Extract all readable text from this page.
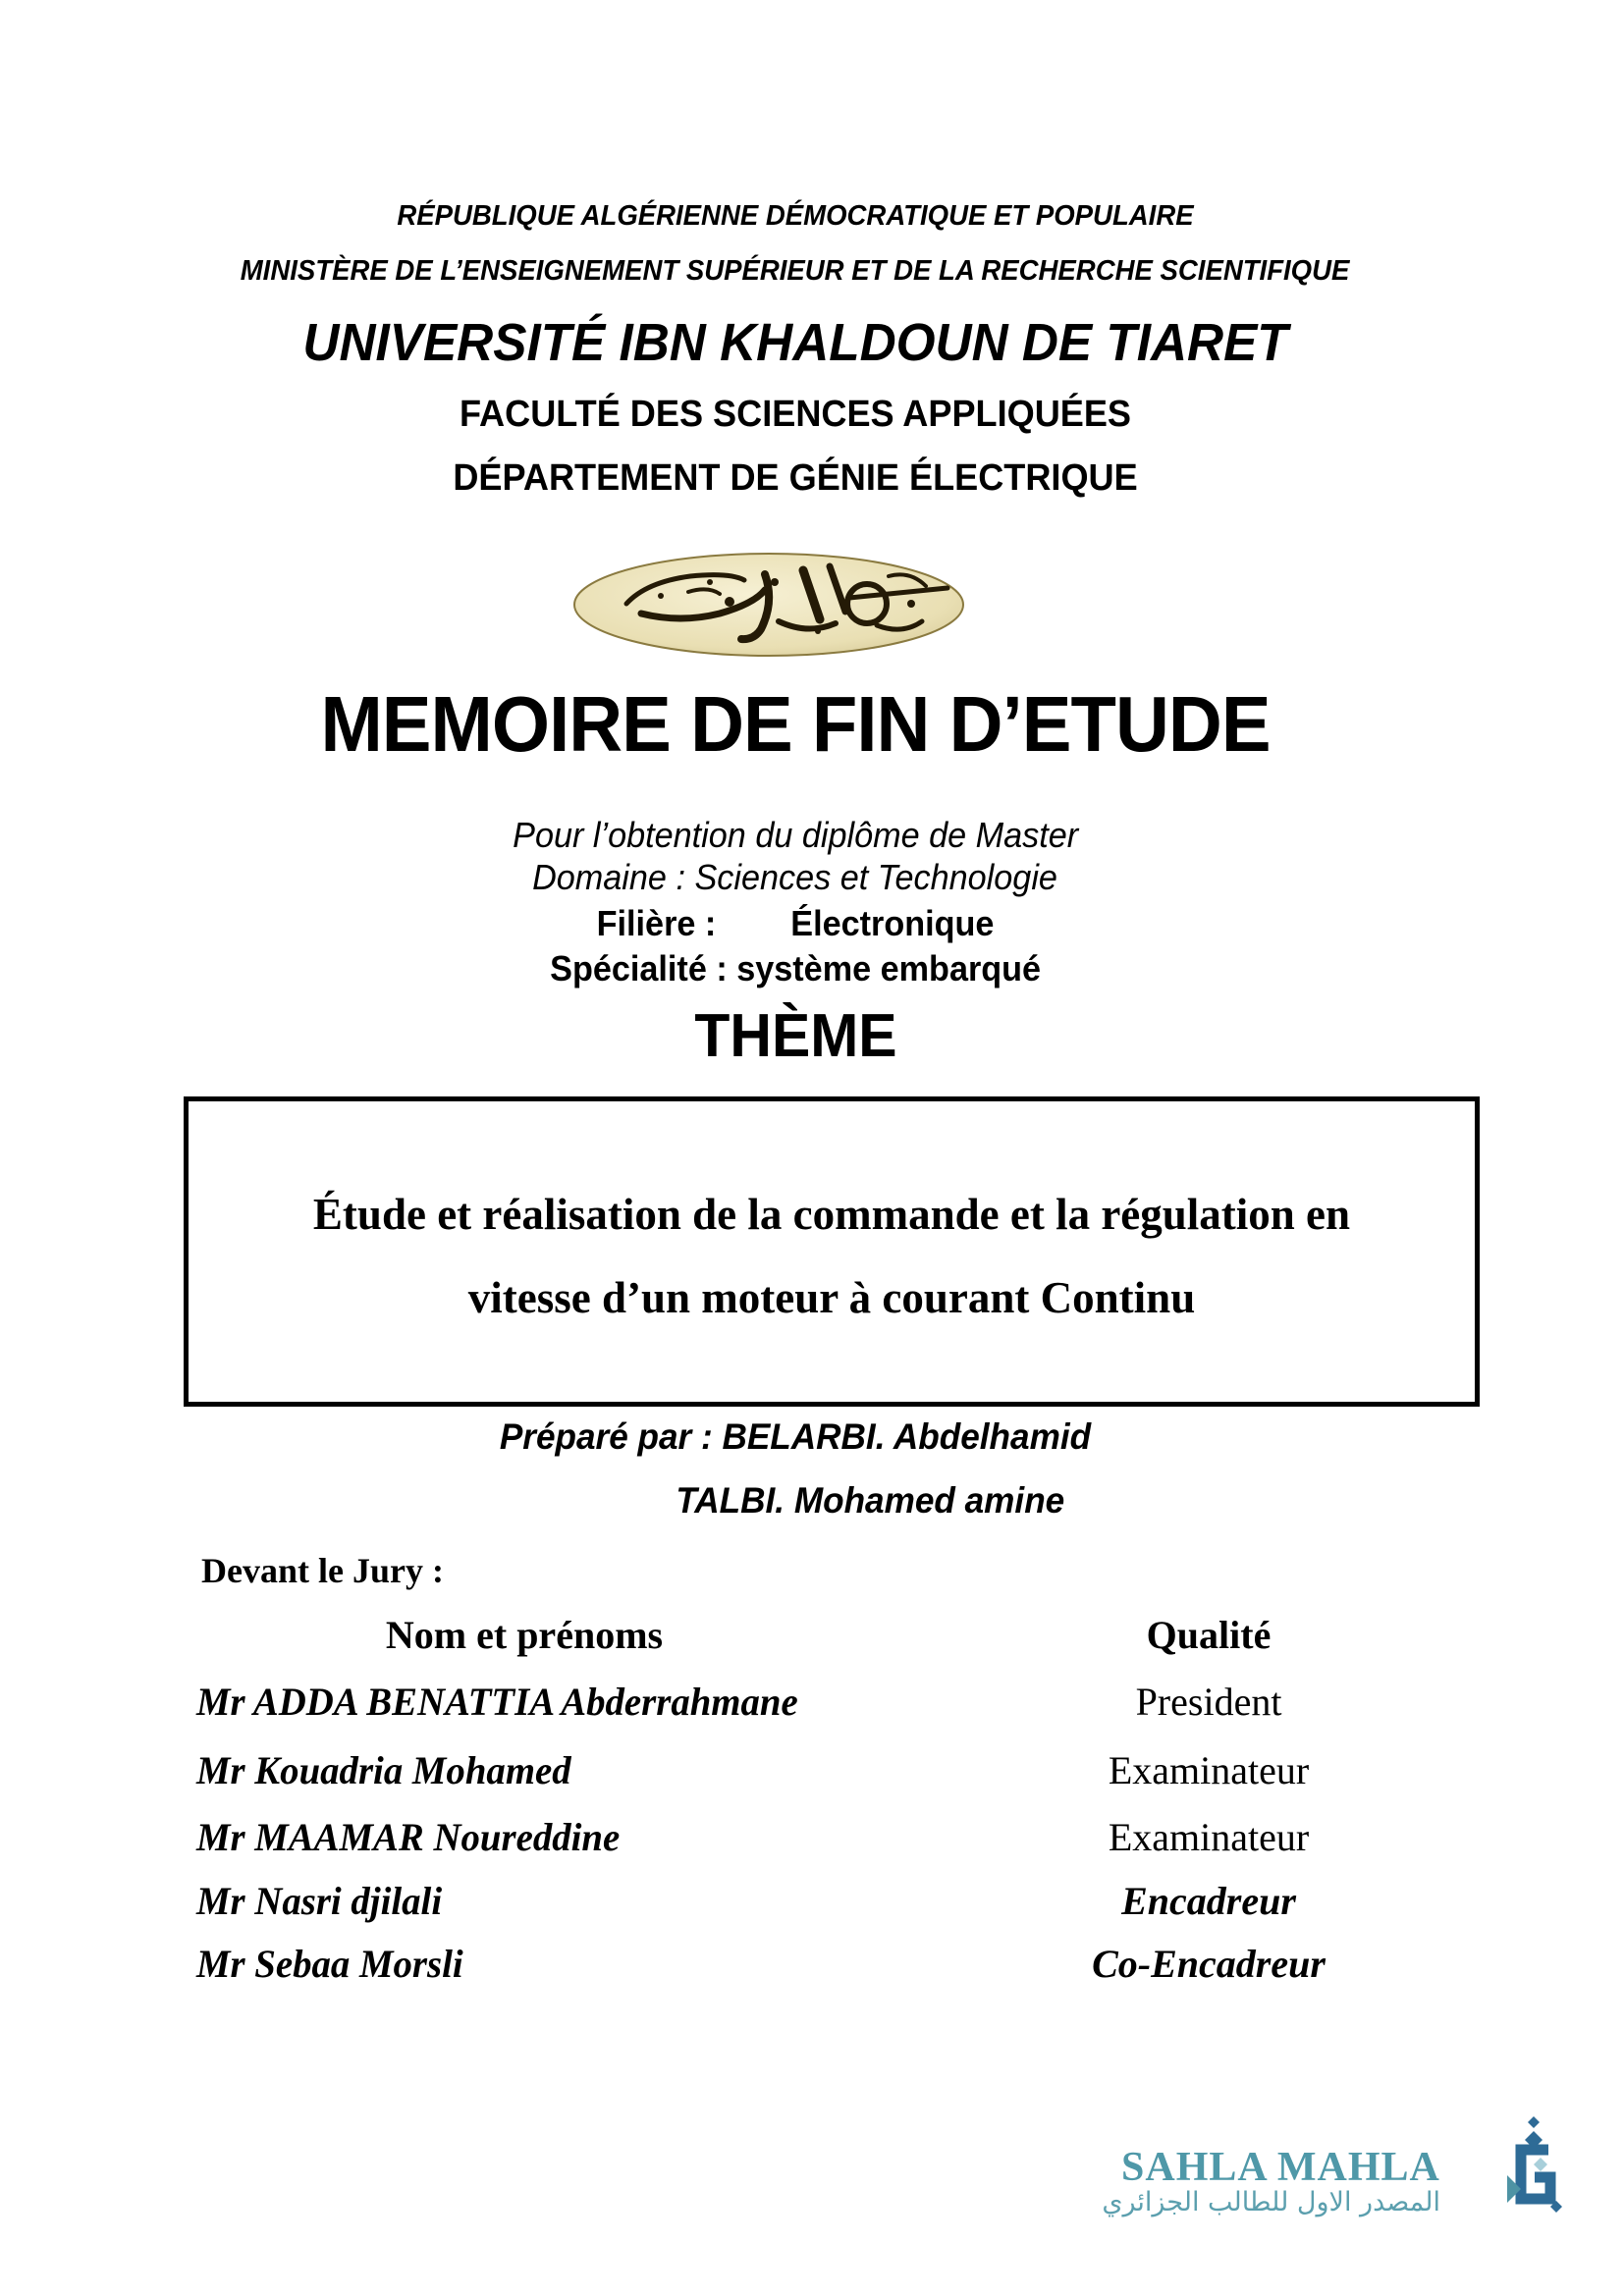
RÉPUBLIQUE ALGÉRIENNE DÉMOCRATIQUE ET POPULAIRE
MINISTÈRE DE L’ENSEIGNEMENT SUPÉRIEUR ET DE LA RECHERCHE SCIENTIFIQUE
UNIVERSITÉ IBN KHALDOUN DE TIARET
FACULTÉ DES SCIENCES APPLIQUÉES
DÉPARTEMENT DE GÉNIE ÉLECTRIQUE
MEMOIRE DE FIN D’ETUDE
Pour l’obtention du diplôme de Master
Domaine : Sciences et Technologie
Filière :        Électronique
Spécialité : système embarqué
THÈME
Étude et réalisation de la commande et la régulation en
vitesse d’un moteur à courant Continu
Préparé par : BELARBI. Abdelhamid
TALBI. Mohamed amine
Devant le Jury :
Nom et prénoms	Qualité
Mr ADDA BENATTIA Abderrahmane	President
Mr Kouadria Mohamed	Examinateur
Mr MAAMAR Noureddine	Examinateur
Mr Nasri djilali	Encadreur
Mr Sebaa Morsli	Co-Encadreur
SAHLA MAHLA
المصدر الاول للطالب الجزائري
